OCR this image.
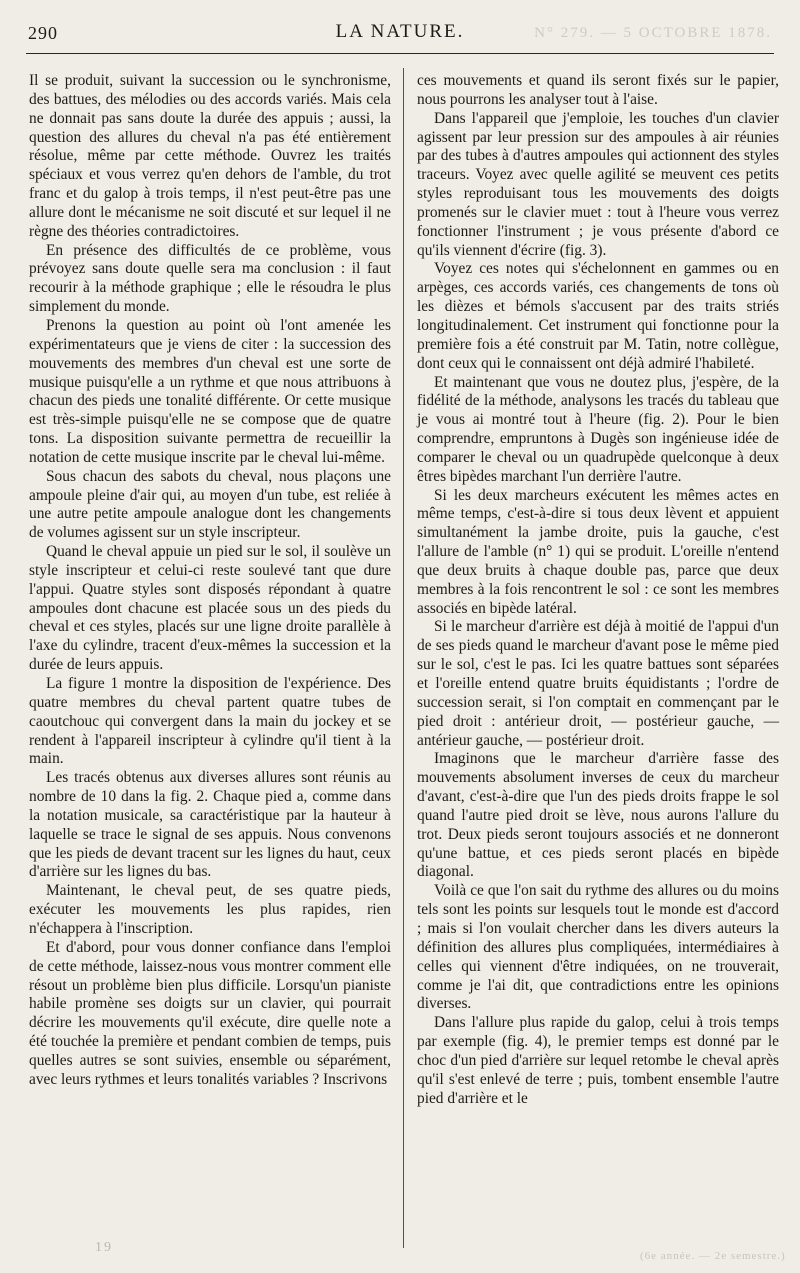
290	LA NATURE.	N° 279. — 5 OCTOBRE 1878.

Il se produit, suivant la succession ou le synchronisme, des battues, des mélodies ou des accords variés. Mais cela ne donnait pas sans doute la durée des appuis ; aussi, la question des allures du cheval n'a pas été entièrement résolue, même par cette méthode. Ouvrez les traités spéciaux et vous verrez qu'en dehors de l'amble, du trot franc et du galop à trois temps, il n'est peut-être pas une allure dont le mécanisme ne soit discuté et sur lequel il ne règne des théories contradictoires.

En présence des difficultés de ce problème, vous prévoyez sans doute quelle sera ma conclusion : il faut recourir à la méthode graphique ; elle le résoudra le plus simplement du monde.

Prenons la question au point où l'ont amenée les expérimentateurs que je viens de citer : la succession des mouvements des membres d'un cheval est une sorte de musique puisqu'elle a un rythme et que nous attribuons à chacun des pieds une tonalité différente. Or cette musique est très-simple puisqu'elle ne se compose que de quatre tons. La disposition suivante permettra de recueillir la notation de cette musique inscrite par le cheval lui-même.

Sous chacun des sabots du cheval, nous plaçons une ampoule pleine d'air qui, au moyen d'un tube, est reliée à une autre petite ampoule analogue dont les changements de volumes agissent sur un style inscripteur.

Quand le cheval appuie un pied sur le sol, il soulève un style inscripteur et celui-ci reste soulevé tant que dure l'appui. Quatre styles sont disposés répondant à quatre ampoules dont chacune est placée sous un des pieds du cheval et ces styles, placés sur une ligne droite parallèle à l'axe du cylindre, tracent d'eux-mêmes la succession et la durée de leurs appuis.

La figure 1 montre la disposition de l'expérience. Des quatre membres du cheval partent quatre tubes de caoutchouc qui convergent dans la main du jockey et se rendent à l'appareil inscripteur à cylindre qu'il tient à la main.

Les tracés obtenus aux diverses allures sont réunis au nombre de 10 dans la fig. 2. Chaque pied a, comme dans la notation musicale, sa caractéristique par la hauteur à laquelle se trace le signal de ses appuis. Nous convenons que les pieds de devant tracent sur les lignes du haut, ceux d'arrière sur les lignes du bas.

Maintenant, le cheval peut, de ses quatre pieds, exécuter les mouvements les plus rapides, rien n'échappera à l'inscription.

Et d'abord, pour vous donner confiance dans l'emploi de cette méthode, laissez-nous vous montrer comment elle résout un problème bien plus difficile. Lorsqu'un pianiste habile promène ses doigts sur un clavier, qui pourrait décrire les mouvements qu'il exécute, dire quelle note a été touchée la première et pendant combien de temps, puis quelles autres se sont suivies, ensemble ou séparément, avec leurs rythmes et leurs tonalités variables ? Inscrivons

ces mouvements et quand ils seront fixés sur le papier, nous pourrons les analyser tout à l'aise.

Dans l'appareil que j'emploie, les touches d'un clavier agissent par leur pression sur des ampoules à air réunies par des tubes à d'autres ampoules qui actionnent des styles traceurs. Voyez avec quelle agilité se meuvent ces petits styles reproduisant tous les mouvements des doigts promenés sur le clavier muet : tout à l'heure vous verrez fonctionner l'instrument ; je vous présente d'abord ce qu'ils viennent d'écrire (fig. 3).

Voyez ces notes qui s'échelonnent en gammes ou en arpèges, ces accords variés, ces changements de tons où les dièzes et bémols s'accusent par des traits striés longitudinalement. Cet instrument qui fonctionne pour la première fois a été construit par M. Tatin, notre collègue, dont ceux qui le connaissent ont déjà admiré l'habileté.

Et maintenant que vous ne doutez plus, j'espère, de la fidélité de la méthode, analysons les tracés du tableau que je vous ai montré tout à l'heure (fig. 2). Pour le bien comprendre, empruntons à Dugès son ingénieuse idée de comparer le cheval ou un quadrupède quelconque à deux êtres bipèdes marchant l'un derrière l'autre.

Si les deux marcheurs exécutent les mêmes actes en même temps, c'est-à-dire si tous deux lèvent et appuient simultanément la jambe droite, puis la gauche, c'est l'allure de l'amble (n° 1) qui se produit. L'oreille n'entend que deux bruits à chaque double pas, parce que deux membres à la fois rencontrent le sol : ce sont les membres associés en bipède latéral.

Si le marcheur d'arrière est déjà à moitié de l'appui d'un de ses pieds quand le marcheur d'avant pose le même pied sur le sol, c'est le pas. Ici les quatre battues sont séparées et l'oreille entend quatre bruits équidistants ; l'ordre de succession serait, si l'on comptait en commençant par le pied droit : antérieur droit, — postérieur gauche, — antérieur gauche, — postérieur droit.

Imaginons que le marcheur d'arrière fasse des mouvements absolument inverses de ceux du marcheur d'avant, c'est-à-dire que l'un des pieds droits frappe le sol quand l'autre pied droit se lève, nous aurons l'allure du trot. Deux pieds seront toujours associés et ne donneront qu'une battue, et ces pieds seront placés en bipède diagonal.

Voilà ce que l'on sait du rythme des allures ou du moins tels sont les points sur lesquels tout le monde est d'accord ; mais si l'on voulait chercher dans les divers auteurs la définition des allures plus compliquées, intermédiaires à celles qui viennent d'être indiquées, on ne trouverait, comme je l'ai dit, que contradictions entre les opinions diverses.

Dans l'allure plus rapide du galop, celui à trois temps par exemple (fig. 4), le premier temps est donné par le choc d'un pied d'arrière sur lequel retombe le cheval après qu'il s'est enlevé de terre ; puis, tombent ensemble l'autre pied d'arrière et le

19
(6e année. — 2e semestre.)
